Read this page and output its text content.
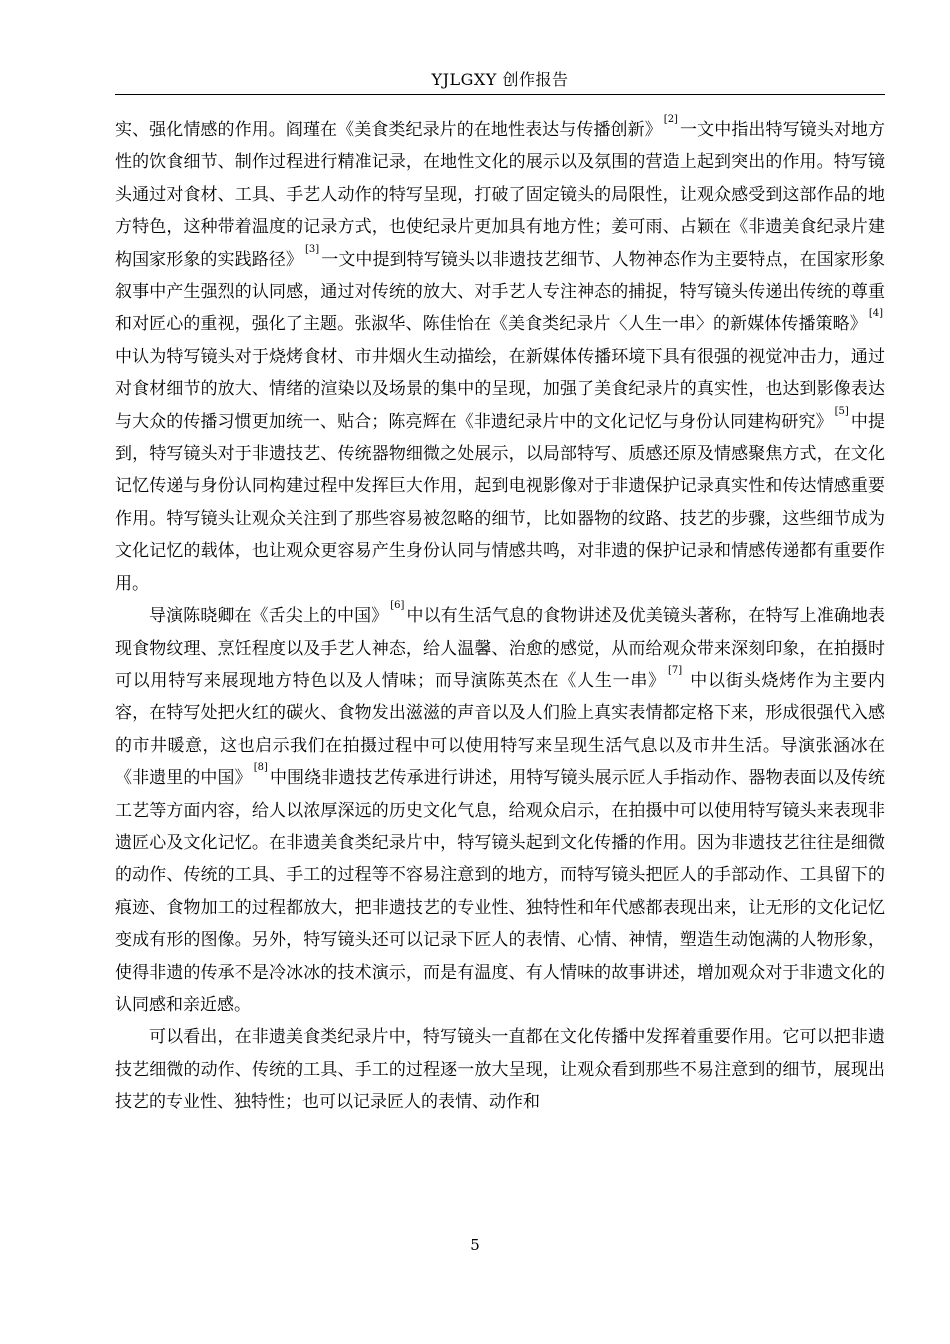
YJLGXY 创作报告

实、强化情感的作用。阎瑾在《美食类纪录片的在地性表达与传播创新》[2]一文中指出特写镜头对地方性的饮食细节、制作过程进行精准记录，在地性文化的展示以及氛围的营造上起到突出的作用。特写镜头通过对食材、工具、手艺人动作的特写呈现，打破了固定镜头的局限性，让观众感受到这部作品的地方特色，这种带着温度的记录方式，也使纪录片更加具有地方性；姜可雨、占颖在《非遗美食纪录片建构国家形象的实践路径》[3]一文中提到特写镜头以非遗技艺细节、人物神态作为主要特点，在国家形象叙事中产生强烈的认同感，通过对传统的放大、对手艺人专注神态的捕捉，特写镜头传递出传统的尊重和对匠心的重视，强化了主题。张淑华、陈佳怡在《美食类纪录片〈人生一串〉的新媒体传播策略》[4]中认为特写镜头对于烧烤食材、市井烟火生动描绘，在新媒体传播环境下具有很强的视觉冲击力，通过对食材细节的放大、情绪的渲染以及场景的集中的呈现，加强了美食纪录片的真实性，也达到影像表达与大众的传播习惯更加统一、贴合；陈亮辉在《非遗纪录片中的文化记忆与身份认同建构研究》[5]中提到，特写镜头对于非遗技艺、传统器物细微之处展示，以局部特写、质感还原及情感聚焦方式，在文化记忆传递与身份认同构建过程中发挥巨大作用，起到电视影像对于非遗保护记录真实性和传达情感重要作用。特写镜头让观众关注到了那些容易被忽略的细节，比如器物的纹路、技艺的步骤，这些细节成为文化记忆的载体，也让观众更容易产生身份认同与情感共鸣，对非遗的保护记录和情感传递都有重要作用。

导演陈晓卿在《舌尖上的中国》[6]中以有生活气息的食物讲述及优美镜头著称，在特写上准确地表现食物纹理、烹饪程度以及手艺人神态，给人温馨、治愈的感觉，从而给观众带来深刻印象，在拍摄时可以用特写来展现地方特色以及人情味；而导演陈英杰在《人生一串》[7] 中以街头烧烤作为主要内容，在特写处把火红的碳火、食物发出滋滋的声音以及人们脸上真实表情都定格下来，形成很强代入感的市井暖意，这也启示我们在拍摄过程中可以使用特写来呈现生活气息以及市井生活。导演张涵冰在《非遗里的中国》[8]中围绕非遗技艺传承进行讲述，用特写镜头展示匠人手指动作、器物表面以及传统工艺等方面内容，给人以浓厚深远的历史文化气息，给观众启示，在拍摄中可以使用特写镜头来表现非遗匠心及文化记忆。在非遗美食类纪录片中，特写镜头起到文化传播的作用。因为非遗技艺往往是细微的动作、传统的工具、手工的过程等不容易注意到的地方，而特写镜头把匠人的手部动作、工具留下的痕迹、食物加工的过程都放大，把非遗技艺的专业性、独特性和年代感都表现出来，让无形的文化记忆变成有形的图像。另外，特写镜头还可以记录下匠人的表情、心情、神情，塑造生动饱满的人物形象，使得非遗的传承不是冷冰冰的技术演示，而是有温度、有人情味的故事讲述，增加观众对于非遗文化的认同感和亲近感。

可以看出，在非遗美食类纪录片中，特写镜头一直都在文化传播中发挥着重要作用。它可以把非遗技艺细微的动作、传统的工具、手工的过程逐一放大呈现，让观众看到那些不易注意到的细节，展现出技艺的专业性、独特性；也可以记录匠人的表情、动作和

5
